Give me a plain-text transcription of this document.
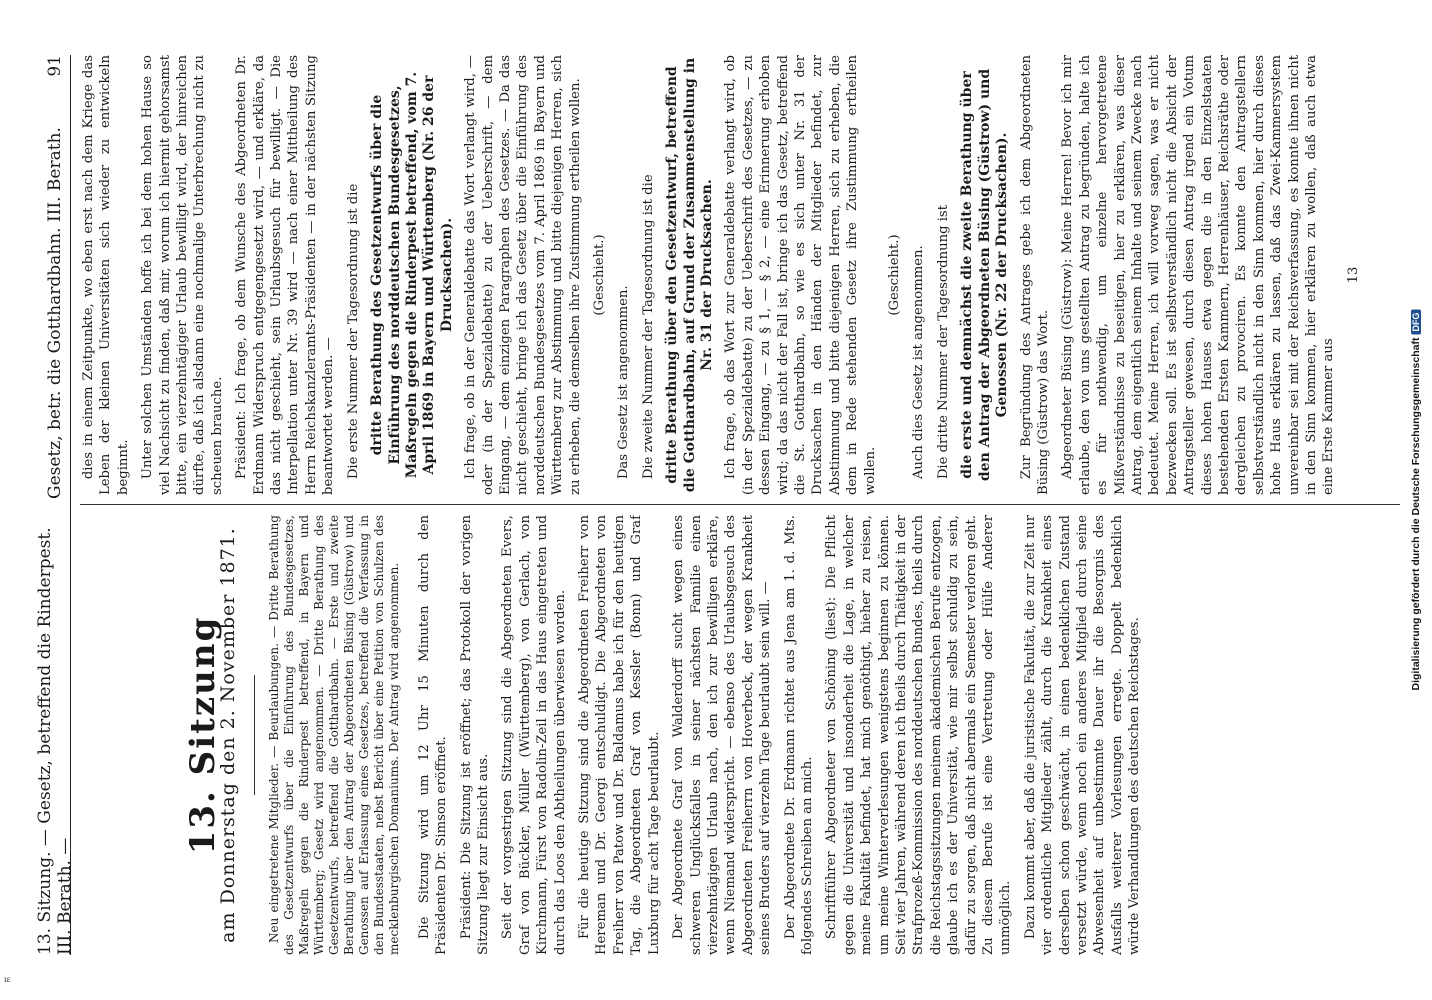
13. Sitzung. — Gesetz, betreffend die Rinderpest. III. Berath. —
Gesetz, betr. die Gotthardbahn. III. Berath.
91
13. Sitzung
am Donnerstag den 2. November 1871. Neu eingetretene Mitglieder. — Beurlaubungen. — Dritte Berathung des Gesetzentwurfs über die Einführung des Bundesgesetzes, Maßregeln gegen die Rinderpest betreffend, in Bayern und Württemberg; Gesetz wird angenommen. — Dritte Berathung des Gesetzentwurfs, betreffend die Gotthardbahn. — Erste und zweite Berathung über den Antrag der Abgeordneten Büsing (Güstrow) und Genossen auf Erlassung eines Gesetzes, betreffend die Verfassung in den Bundesstaaten, nebst Bericht über eine Petition von Schulzen des mecklenburgischen Domaniums. Der Antrag wird angenommen. Die Sitzung wird um 12 Uhr 15 Minuten durch den Präsidenten Dr. Simson eröffnet. Präsident: Die Sitzung ist eröffnet; das Protokoll der vorigen Sitzung liegt zur Einsicht aus. Seit der vorgestrigen Sitzung sind die Abgeordneten Evers, Graf von Bückler, Müller (Württemberg), von Gerlach, von Kirchmann, Fürst von Radolin-Zeil in das Haus eingetreten und durch das Loos den Abtheilungen überwiesen worden. Für die heutige Sitzung sind die Abgeordneten Freiherr von Hereman und Dr. Georgi entschuldigt. Die Abgeordneten von Freiherr von Patow und Dr. Baldamus habe ich für den heutigen Tag, die Abgeordneten Graf von Kessler (Bonn) und Graf Luxburg für acht Tage beurlaubt. Der Abgeordnete Graf von Walderdorff sucht wegen eines schweren Unglücksfalles in seiner nächsten Familie einen vierzehntägigen Urlaub nach, den ich zur bewilligen erkläre, wenn Niemand widerspricht. — ebenso des Urlaubsgesuch des Abgeordneten Freiherrn von Hoverbeck, der wegen Krankheit seines Bruders auf vierzehn Tage beurlaubt sein will. — Der Abgeordnete Dr. Erdmann richtet aus Jena am 1. d. Mts. folgendes Schreiben an mich. Schriftführer Abgeordneter von Schöning (liest): Die Pflicht gegen die Universität und insonderheit die Lage, in welcher meine Fakultät befindet, hat mich genöthigt, hieher zu reisen, um meine Winterverlesungen wenigstens beginnen zu können. Seit vier Jahren, während deren ich theils durch Thätigkeit in der Strafprozeß-Kommission des norddeutschen Bundes, theils durch die Reichstagssitzungen meinem akademischen Berufe entzogen, glaube ich es der Universität, wie mir selbst schuldig zu sein, dafür zu sorgen, daß nicht abermals ein Semester verloren geht. Zu diesem Berufe ist eine Vertretung oder Hülfe Anderer unmöglich. Dazu kommt aber, daß die juristische Fakultät, die zur Zeit nur vier ordentliche Mitglieder zählt, durch die Krankheit eines derselben schon geschwächt, in einen bedenklichen Zustand versetzt würde, wenn noch ein anderes Mitglied durch seine Abwesenheit auf unbestimmte Dauer ihr die Besorgnis des Ausfalls weiterer Vorlesungen erregte. Doppelt bedenklich würde Verhandlungen des deutschen Reichstages.

dies in einem Zeitpunkte, wo eben erst nach dem Kriege das Leben der kleinen Universitäten sich wieder zu entwickeln beginnt. Unter solchen Umständen hoffe ich bei dem hohen Hause so viel Nachsicht zu finden, daß mir, worum ich hiermit gehorsamst bitte, ein vierzehntägiger Urlaub bewilligt wird, der hinreichen dürfte, daß ich alsdann eine nochmalige Unterbrechung nicht zu scheuen brauche. Präsident: Ich frage, ob dem Wunsche des Abgeordneten Dr. Erdmann Widerspruch entgegengesetzt wird, — und erkläre, da das nicht geschieht, sein Urlaubsgesuch für bewilligt. — Die Interpellation unter Nr. 39 wird — nach einer Mittheilung des Herrn Reichskanzleramts-Präsidenten — in der nächsten Sitzung beantwortet werden. — Die erste Nummer der Tagesordnung ist die dritte Berathung des Gesetzentwurfs über die Einführung des norddeutschen Bundesgesetzes, Maßregeln gegen die Rinderpest betreffend, vom 7. April 1869 in Bayern und Württemberg (Nr. 26 der Drucksachen). Ich frage, ob in der Generaldebatte das Wort verlangt wird, — oder (in der Spezialdebatte) zu der Ueberschrift, — dem Eingang, — dem einzigen Paragraphen des Gesetzes. — Da das nicht geschieht, bringe ich das Gesetz über die Einführung des norddeutschen Bundesgesetzes vom 7. April 1869 in Bayern und Württemberg zur Abstimmung und bitte diejenigen Herren, sich zu erheben, die demselben ihre Zustimmung ertheilen wollen. (Geschieht.)

Das Gesetz ist angenommen. Die zweite Nummer der Tagesordnung ist die dritte Berathung über den Gesetzentwurf, betreffend die Gotthardbahn, auf Grund der Zusammenstellung in Nr. 31 der Drucksachen. Ich frage, ob das Wort zur Generaldebatte verlangt wird, ob (in der Spezialdebatte) zu der Ueberschrift des Gesetzes, — zu dessen Eingang, — zu § 1, — § 2, — eine Erinnerung erhoben wird; da das nicht der Fall ist, bringe ich das Gesetz, betreffend die St. Gotthardbahn, so wie es sich unter Nr. 31 der Drucksachen in den Händen der Mitglieder befindet, zur Abstimmung und bitte diejenigen Herren, sich zu erheben, die dem in Rede stehenden Gesetz ihre Zustimmung ertheilen wollen.

(Geschieht.) Auch dies Gesetz ist angenommen. Die dritte Nummer der Tagesordnung ist die erste und demnächst die zweite Berathung über den Antrag der Abgeordneten Büsing (Güstrow) und Genossen (Nr. 22 der Drucksachen). Zur Begründung des Antrages gebe ich dem Abgeordneten Büsing (Güstrow) das Wort. Abgeordneter Büsing (Güstrow): Meine Herren! Bevor ich mir erlaube, den von uns gestellten Antrag zu begründen, halte ich es für nothwendig, um einzelne hervorgetretene Mißverständnisse zu beseitigen, hier zu erklären, was dieser Antrag, dem eigentlich seinem Inhalte und seinem Zwecke nach bedeutet. Meine Herren, ich will vorweg sagen, was er nicht bezwecken soll. Es ist selbstverständlich nicht die Absicht der Antragsteller gewesen, durch diesen Antrag irgend ein Votum dieses hohen Hauses etwa gegen die in den Einzelstaaten bestehenden Ersten Kammern, Herrenhäuser, Reichsräthe oder dergleichen zu provociren. Es konnte den Antragstellern selbstverständlich nicht in den Sinn kommen, hier durch dieses hohe Haus erklären zu lassen, daß das Zwei-Kammersystem unvereinbar sei mit der Reichsverfassung, es konnte ihnen nicht in den Sinn kommen, hier erklären zu wollen, daß auch etwa eine Erste Kammer aus

13

ıɛ
Digitalisierung gefördert durch die Deutsche ForschungsgemeinschaftDFG
